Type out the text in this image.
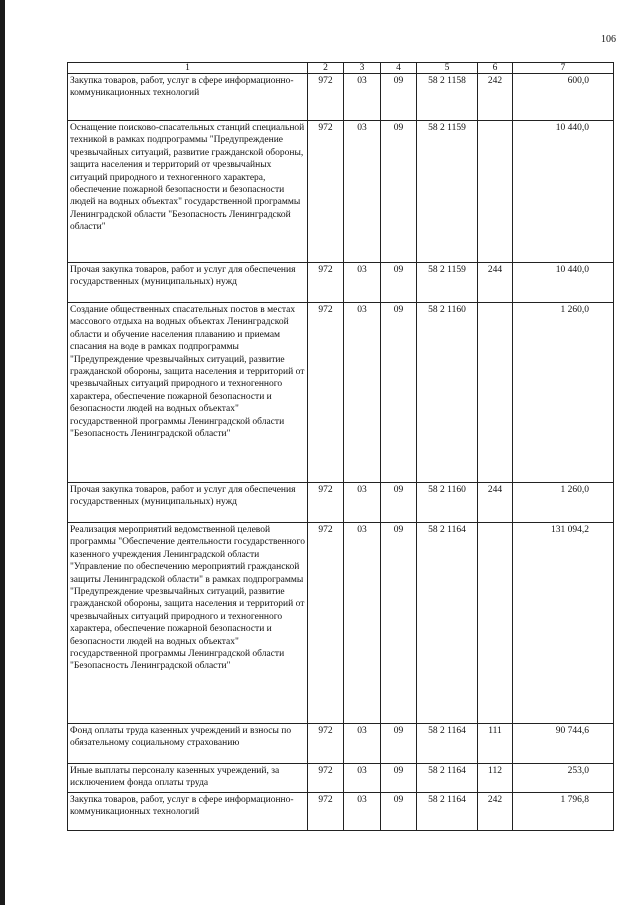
106
1	2	3	4	5	6	7
Закупка товаров, работ, услуг в сфере информационно-коммуникационных технологий	972	03	09	58 2 1158	242	600,0
Оснащение поисково-спасательных станций специальной техникой в рамках подпрограммы "Предупреждение чрезвычайных ситуаций, развитие гражданской обороны, защита населения и территорий от чрезвычайных ситуаций природного и техногенного характера, обеспечение пожарной безопасности и безопасности людей на водных объектах" государственной программы Ленинградской области "Безопасность Ленинградской области"	972	03	09	58 2 1159		10 440,0
Прочая закупка товаров, работ и услуг для обеспечения государственных (муниципальных) нужд	972	03	09	58 2 1159	244	10 440,0
Создание общественных спасательных постов в местах массового отдыха на водных объектах Ленинградской области и обучение населения плаванию и приемам спасания на воде в рамках подпрограммы "Предупреждение чрезвычайных ситуаций, развитие гражданской обороны, защита населения и территорий от чрезвычайных ситуаций природного и техногенного характера, обеспечение пожарной безопасности и безопасности людей на водных объектах" государственной программы Ленинградской области "Безопасность Ленинградской области"	972	03	09	58 2 1160		1 260,0
Прочая закупка товаров, работ и услуг для обеспечения государственных (муниципальных) нужд	972	03	09	58 2 1160	244	1 260,0
Реализация мероприятий ведомственной целевой программы "Обеспечение деятельности государственного казенного учреждения Ленинградской области "Управление по обеспечению мероприятий гражданской защиты Ленинградской области" в рамках подпрограммы "Предупреждение чрезвычайных ситуаций, развитие гражданской обороны, защита населения и территорий от чрезвычайных ситуаций природного и техногенного характера, обеспечение пожарной безопасности и безопасности людей на водных объектах" государственной программы Ленинградской области "Безопасность Ленинградской области"	972	03	09	58 2 1164		131 094,2
Фонд оплаты труда казенных учреждений и взносы по обязательному социальному страхованию	972	03	09	58 2 1164	111	90 744,6
Иные выплаты персоналу казенных учреждений, за исключением фонда оплаты труда	972	03	09	58 2 1164	112	253,0
Закупка товаров, работ, услуг в сфере информационно-коммуникационных технологий	972	03	09	58 2 1164	242	1 796,8
